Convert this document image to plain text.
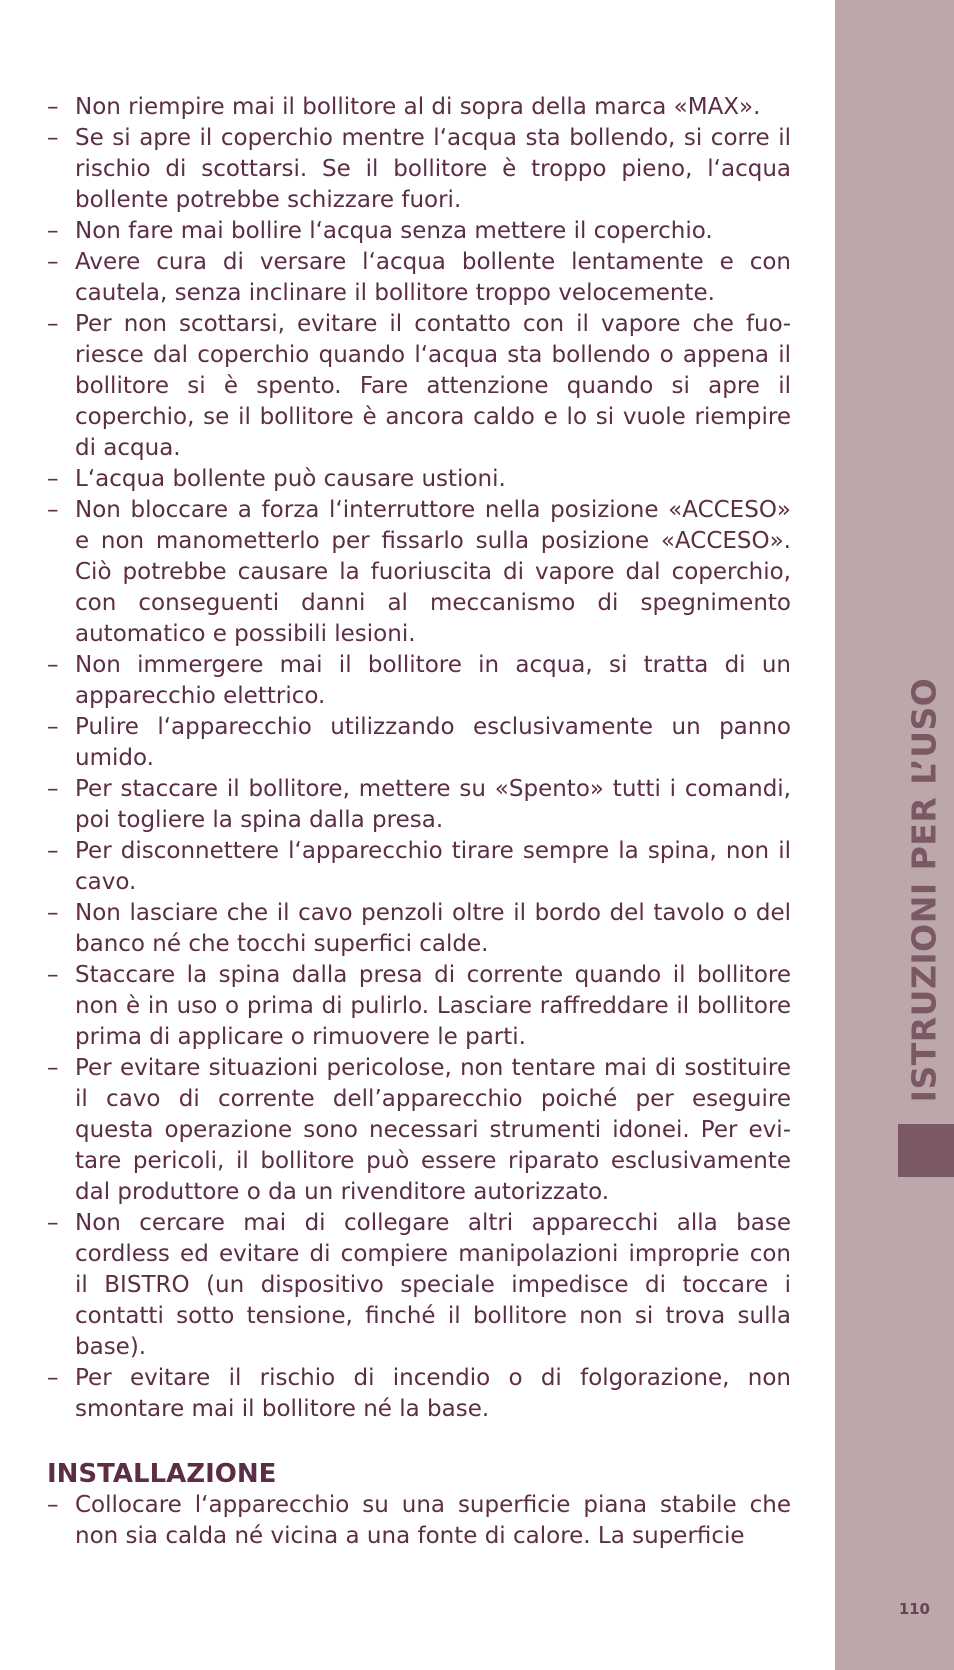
ISTRUZIONI PER L’USO
110
– Non riempire mai il bollitore al di sopra della marca «MAX».
– Se si apre il coperchio mentre l‘acqua sta bollendo, si corre il rischio di scottarsi. Se il bollitore è troppo pieno, l‘acqua bollente potrebbe schizzare fuori.
– Non fare mai bollire l‘acqua senza mettere il coperchio.
– Avere cura di versare l‘acqua bollente lentamente e con cautela, senza inclinare il bollitore troppo velocemente.
– Per non scottarsi, evitare il contatto con il vapore che fuoriesce dal coperchio quando l‘acqua sta bollendo o appena il bollitore si è spento. Fare attenzione quando si apre il coperchio, se il bollitore è ancora caldo e lo si vuole riempire di acqua.
– L‘acqua bollente può causare ustioni.
– Non bloccare a forza l‘interruttore nella posizione «ACCESO» e non manometterlo per fissarlo sulla posizione «ACCESO». Ciò potrebbe causare la fuoriuscita di vapore dal coperchio, con conseguenti danni al meccanismo di spegnimento automatico e possibili lesioni.
– Non immergere mai il bollitore in acqua, si tratta di un apparecchio elettrico.
– Pulire l‘apparecchio utilizzando esclusivamente un panno umido.
– Per staccare il bollitore, mettere su «Spento» tutti i comandi, poi togliere la spina dalla presa.
– Per disconnettere l‘apparecchio tirare sempre la spina, non il cavo.
– Non lasciare che il cavo penzoli oltre il bordo del tavolo o del banco né che tocchi superfici calde.
– Staccare la spina dalla presa di corrente quando il bollitore non è in uso o prima di pulirlo. Lasciare raffreddare il bollitore prima di applicare o rimuovere le parti.
– Per evitare situazioni pericolose, non tentare mai di sostituire il cavo di corrente dell’apparecchio poiché per eseguire questa operazione sono necessari strumenti idonei. Per evitare pericoli, il bollitore può essere riparato esclusivamente dal produttore o da un rivenditore autorizzato.
– Non cercare mai di collegare altri apparecchi alla base cordless ed evitare di compiere manipolazioni improprie con il BISTRO (un dispositivo speciale impedisce di toccare i contatti sotto tensione, finché il bollitore non si trova sulla base).
– Per evitare il rischio di incendio o di folgorazione, non smontare mai il bollitore né la base.
INSTALLAZIONE
– Collocare l‘apparecchio su una superficie piana stabile che non sia calda né vicina a una fonte di calore. La superficie
